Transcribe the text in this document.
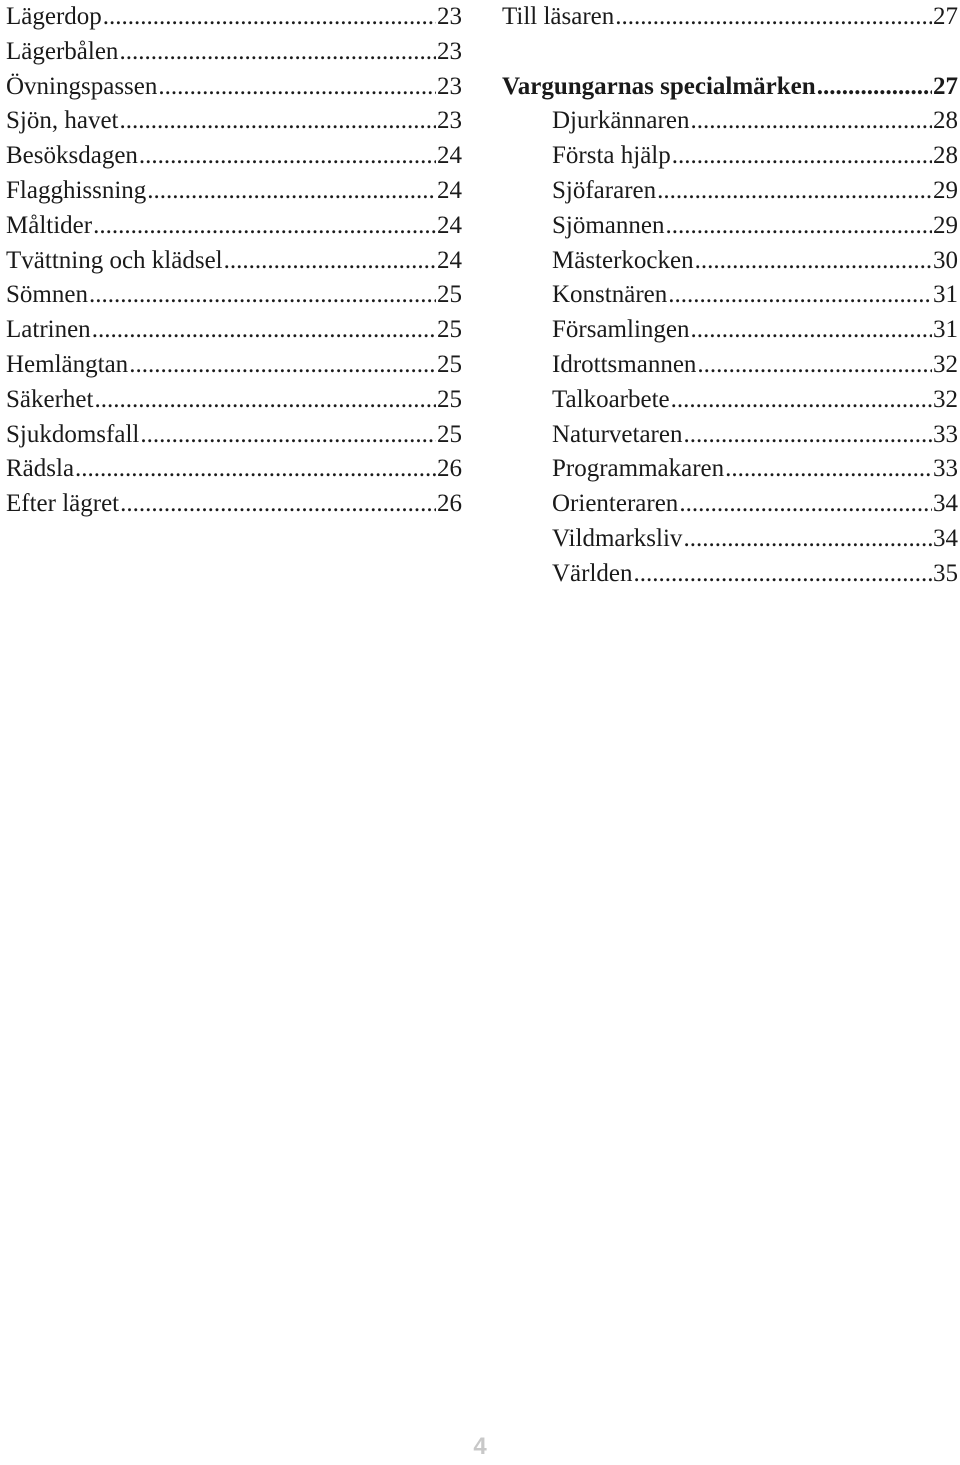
Lägerdop .....	23
Lägerbålen .....	23
Övningspassen .....	23
Sjön, havet .....	23
Besöksdagen .....	24
Flagghissning .....	24
Måltider .....	24
Tvättning och klädsel .....	24
Sömnen .....	25
Latrinen .....	25
Hemlängtan .....	25
Säkerhet .....	25
Sjukdomsfall .....	25
Rädsla .....	26
Efter lägret .....	26
Till läsaren .....	27
Vargungarnas specialmärken .....	27
Djurkännaren .....	28
Första hjälp .....	28
Sjöfararen .....	29
Sjömannen .....	29
Mästerkocken .....	30
Konstnären .....	31
Församlingen .....	31
Idrottsmannen .....	32
Talkoarbete .....	32
Naturvetaren .....	33
Programmakaren .....	33
Orienteraren .....	34
Vildmarksliv .....	34
Världen .....	35
4
